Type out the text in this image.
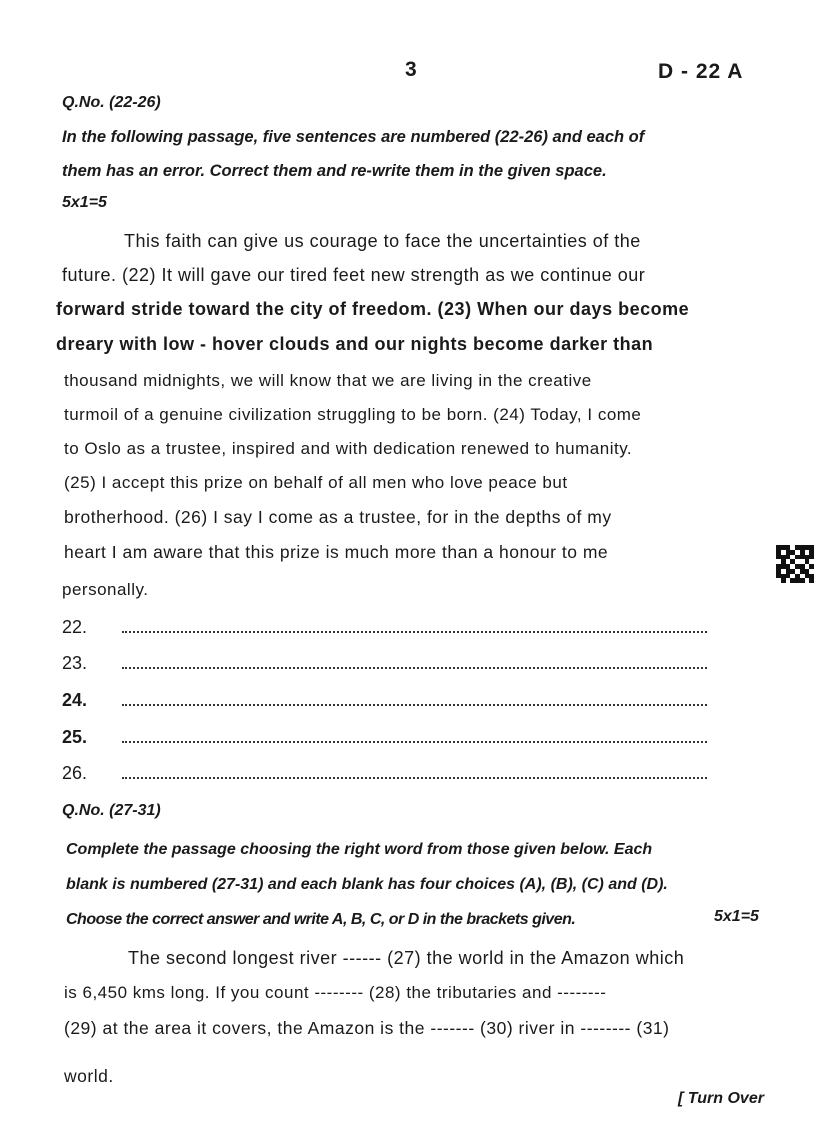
3	D - 22 A
Q.No. (22-26)
In the following passage, five sentences are numbered (22-26) and each of
them has an error. Correct them and re-write them in the given space.
5x1=5
This faith can give us courage to face the uncertainties of the
future. (22) It will gave our tired feet new strength as we continue our
forward stride toward the city of freedom. (23) When our days become
dreary with low - hover clouds and our nights become darker than
thousand midnights, we will know that we are living in the creative
turmoil of a genuine civilization struggling to be born. (24) Today, I come
to Oslo as a trustee, inspired and with dedication renewed to humanity.
(25) I accept this prize on behalf of all men who love peace but
brotherhood. (26) I say I come as a trustee, for in the depths of my
heart I am aware that this prize is much more than a honour to me
personally.
22.
23.
24.
25.
26.
Q.No. (27-31)
Complete the passage choosing the right word from those given below. Each
blank is numbered (27-31) and each blank has four choices (A), (B), (C) and (D).
Choose the correct answer and write A, B, C, or D in the brackets given.	5x1=5
The second longest river ------ (27) the world in the Amazon which
is 6,450 kms long. If you count -------- (28) the tributaries and --------
(29) at the area it covers, the Amazon is the ------- (30) river in -------- (31)
world.
[ Turn Over
